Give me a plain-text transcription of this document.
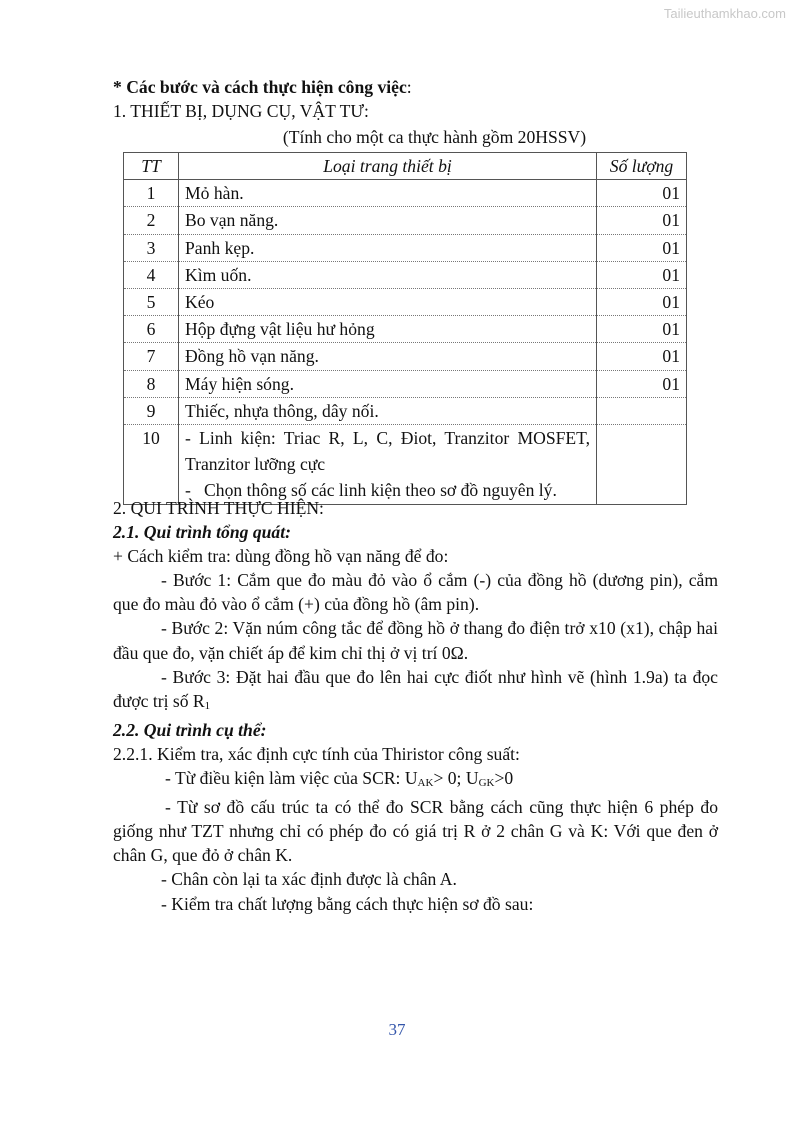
Tailieuthamkhao.com
* Các bước và cách thực hiện công việc:
1. THIẾT BỊ, DỤNG CỤ, VẬT TƯ:
(Tính cho một ca thực hành gồm 20HSSV)
TT	Loại trang thiết bị	Số lượng
1	Mỏ hàn.	01
2	Bo vạn năng.	01
3	Panh kẹp.	01
4	Kìm uốn.	01
5	Kéo	01
6	Hộp đựng vật liệu hư hỏng	01
7	Đồng hồ vạn năng.	01
8	Máy hiện sóng.	01
9	Thiếc, nhựa thông, dây nối.	
10	- Linh kiện: Triac R, L, C, Điot, Tranzitor MOSFET, Tranzitor lưỡng cực
-   Chọn thông số các linh kiện theo sơ đồ nguyên lý.	

2. QUI TRÌNH THỰC HIỆN:
2.1. Qui trình tổng quát:
+ Cách kiểm tra: dùng đồng hồ vạn năng để đo:
- Bước 1: Cắm que đo màu đỏ vào ổ cắm (-) của đồng hồ (dương pin), cắm que đo màu đỏ vào ổ cắm (+) của đồng hồ (âm pin).
- Bước 2: Vặn núm công tắc để đồng hồ ở thang đo điện trở x10 (x1), chập hai đầu que đo, vặn chiết áp để kim chỉ thị ở vị trí 0Ω.
- Bước 3: Đặt hai đầu que đo lên hai cực điốt như hình vẽ (hình 1.9a) ta đọc được trị số $R_1$
2.2. Qui trình cụ thể:
2.2.1. Kiểm tra, xác định cực tính của Thiristor công suất:
- Từ điều kiện làm việc của SCR: $U_{AK}> 0$; $U_{GK}>0$
- Từ sơ đồ cấu trúc ta có thể đo SCR bằng cách cũng thực hiện 6 phép đo giống như TZT nhưng chỉ có phép đo có giá trị R ở 2 chân G và K: Với que đen ở chân G, que đỏ ở chân K.
- Chân còn lại ta xác định được là chân A.
- Kiểm tra chất lượng bằng cách thực hiện sơ đồ sau:
37
